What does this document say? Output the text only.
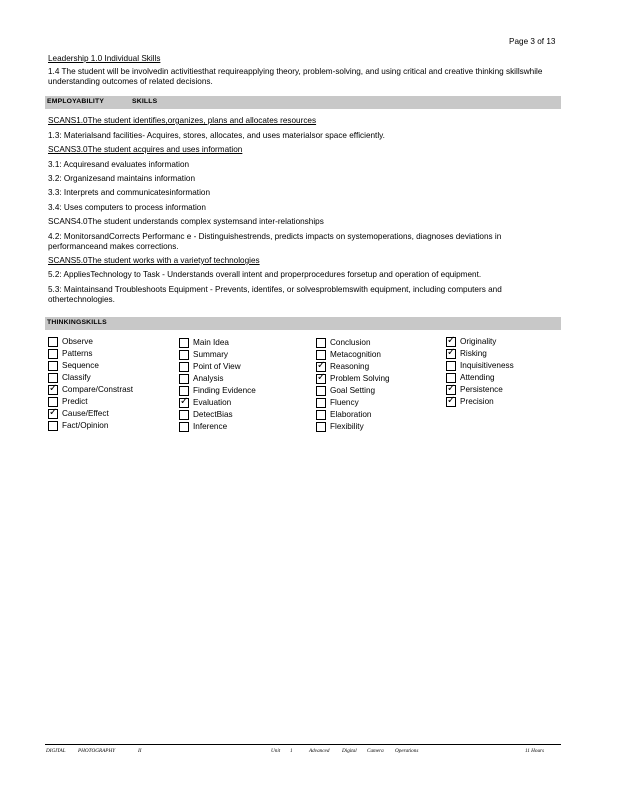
Page 3 of 13
Leadership 1.0 Individual Skills
1.4 The student will be involvedin activitiesthat requireapplying theory, problem-solving, and using critical and creative thinking skillswhile understanding outcomes of related decisions.
EMPLOYABILITY	SKILLS
SCANS1.0The student identifies,organizes, plans and allocates resources
1.3: Materialsand facilities- Acquires, stores, allocates, and uses materialsor space efficiently.
SCANS3.0The student acquires and uses information
3.1: Acquiresand evaluates information
3.2: Organizesand maintains information
3.3: Interprets and communicatesinformation
3.4: Uses computers to process information
SCANS4.0The student understands complex systemsand inter-relationships
4.2: MonitorsandCorrects Performanc e - Distinguishestrends, predicts impacts on systemoperations, diagnoses deviations in performanceand makes corrections.
SCANS5.0The student works with a varietyof technologies
5.2: AppliesTechnology to Task - Understands overall intent and properprocedures forsetup and operation of equipment.
5.3: Maintainsand Troubleshoots Equipment - Prevents, identifes, or solvesproblemswith equipment, including computers and othertechnologies.
THINKINGSKILLS
Observe
Patterns
Sequence
Classify
✓ Compare/Constrast
Predict
✓ Cause/Effect
Fact/Opinion
Main Idea
Summary
Point of View
Analysis
Finding Evidence
✓ Evaluation
DetectBias
Inference
Conclusion
Metacognition
✓ Reasoning
✓ Problem Solving
Goal Setting
Fluency
Elaboration
Flexibility
✓ Originality
✓ Risking
Inquisitiveness
Attending
✓ Persistence
✓ Precision
DIGITAL PHOTOGRAPHY	II	Unit 1	Advanced Digital Camera Operations	11 Hours
